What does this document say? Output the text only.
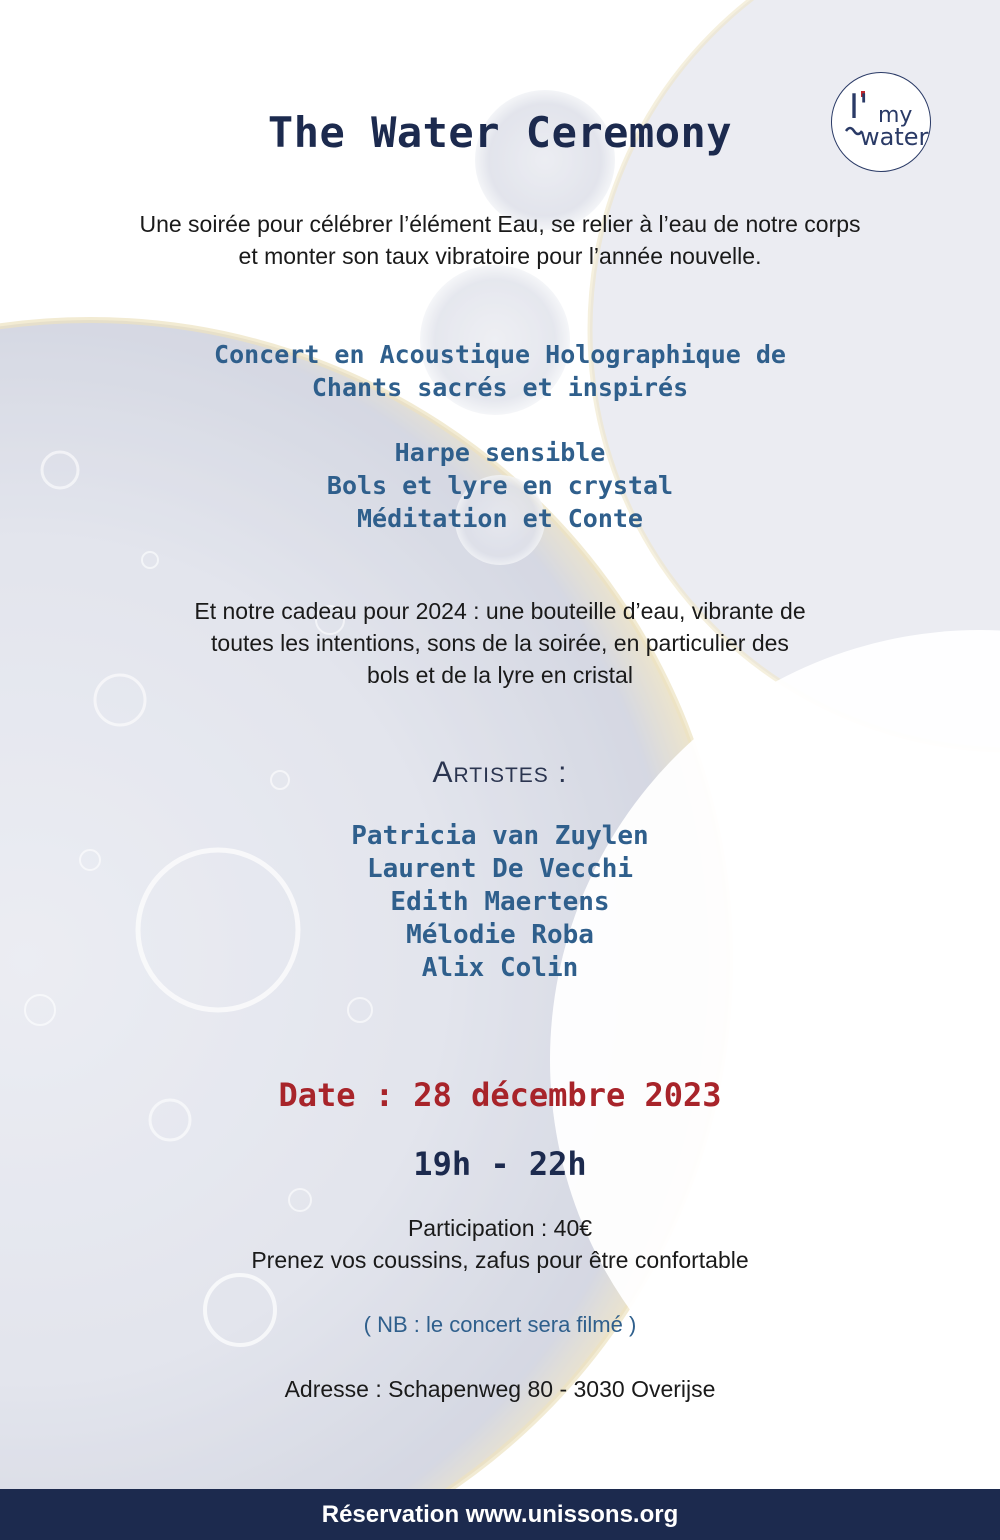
I' my
water
The Water Ceremony
Une soirée pour célébrer l’élément Eau, se relier à l’eau de notre corps
et monter son taux vibratoire pour l’année nouvelle.
Concert en Acoustique Holographique de
Chants sacrés et inspirés
Harpe sensible
Bols et lyre en crystal
Méditation et Conte
Et notre cadeau pour 2024 : une bouteille d’eau, vibrante de
toutes les intentions, sons de la soirée, en particulier des
bols et de la lyre en cristal
Artistes :
Patricia van Zuylen
Laurent De Vecchi
Edith Maertens
Mélodie Roba
Alix Colin
Date : 28 décembre 2023
19h - 22h
Participation : 40€
Prenez vos coussins, zafus pour être confortable
( NB : le concert sera filmé )
Adresse : Schapenweg 80 - 3030 Overijse
Réservation www.unissons.org
